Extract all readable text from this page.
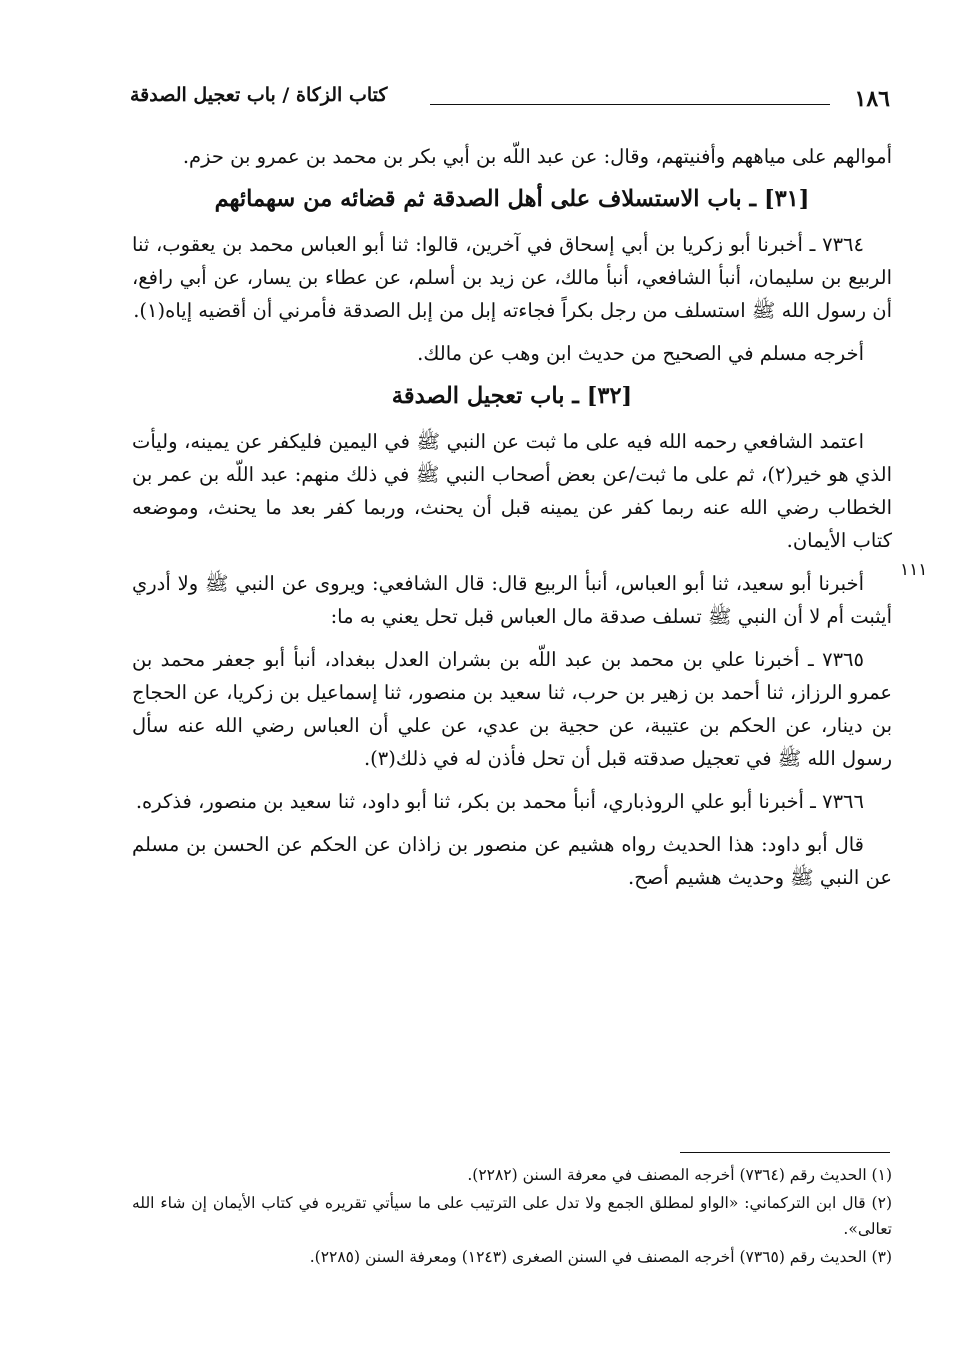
١٨٦
كتاب الزكاة / باب تعجيل الصدقة

أموالهم على مياههم وأفنيتهم، وقال: عن عبد اللّه بن أبي بكر بن محمد بن عمرو بن حزم.

[٣١] ـ باب الاستسلاف على أهل الصدقة ثم قضائه من سهمائهم

٧٣٦٤ ـ أخبرنا أبو زكريا بن أبي إسحاق في آخرين، قالوا: ثنا أبو العباس محمد بن يعقوب، ثنا الربيع بن سليمان، أنبأ الشافعي، أنبأ مالك، عن زيد بن أسلم، عن عطاء بن يسار، عن أبي رافع، أن رسول الله ﷺ استسلف من رجل بكراً فجاءته إبل من إبل الصدقة فأمرني أن أقضيه إياه(١).

أخرجه مسلم في الصحيح من حديث ابن وهب عن مالك.

[٣٢] ـ باب تعجيل الصدقة

اعتمد الشافعي رحمه الله فيه على ما ثبت عن النبي ﷺ في اليمين فليكفر عن يمينه، وليأت الذي هو خير(٢)، ثم على ما ثبت/عن بعض أصحاب النبي ﷺ في ذلك منهم: عبد اللّه بن عمر بن الخطاب رضي الله عنه ربما كفر عن يمينه قبل أن يحنث، وربما كفر بعد ما يحنث، وموضعه كتاب الأيمان.

أخبرنا أبو سعيد، ثنا أبو العباس، أنبأ الربيع قال: قال الشافعي: ويروى عن النبي ﷺ ولا أدري أيثبت أم لا أن النبي ﷺ تسلف صدقة مال العباس قبل تحل يعني به ما:

٧٣٦٥ ـ أخبرنا علي بن محمد بن عبد اللّه بن بشران العدل ببغداد، أنبأ أبو جعفر محمد بن عمرو الرزاز، ثنا أحمد بن زهير بن حرب، ثنا سعيد بن منصور، ثنا إسماعيل بن زكريا، عن الحجاج بن دينار، عن الحكم بن عتيبة، عن حجية بن عدي، عن علي أن العباس رضي الله عنه سأل رسول الله ﷺ في تعجيل صدقته قبل أن تحل فأذن له في ذلك(٣).

٧٣٦٦ ـ أخبرنا أبو علي الروذباري، أنبأ محمد بن بكر، ثنا أبو داود، ثنا سعيد بن منصور، فذكره.

قال أبو داود: هذا الحديث رواه هشيم عن منصور بن زاذان عن الحكم عن الحسن بن مسلم عن النبي ﷺ وحديث هشيم أصح.

١١١
(١) الحديث رقم (٧٣٦٤) أخرجه المصنف في معرفة السنن (٢٢٨٢).
(٢) قال ابن التركماني: «الواو لمطلق الجمع ولا تدل على الترتيب على ما سيأتي تقريره في كتاب الأيمان إن شاء الله تعالى».
(٣) الحديث رقم (٧٣٦٥) أخرجه المصنف في السنن الصغرى (١٢٤٣) ومعرفة السنن (٢٢٨٥).
